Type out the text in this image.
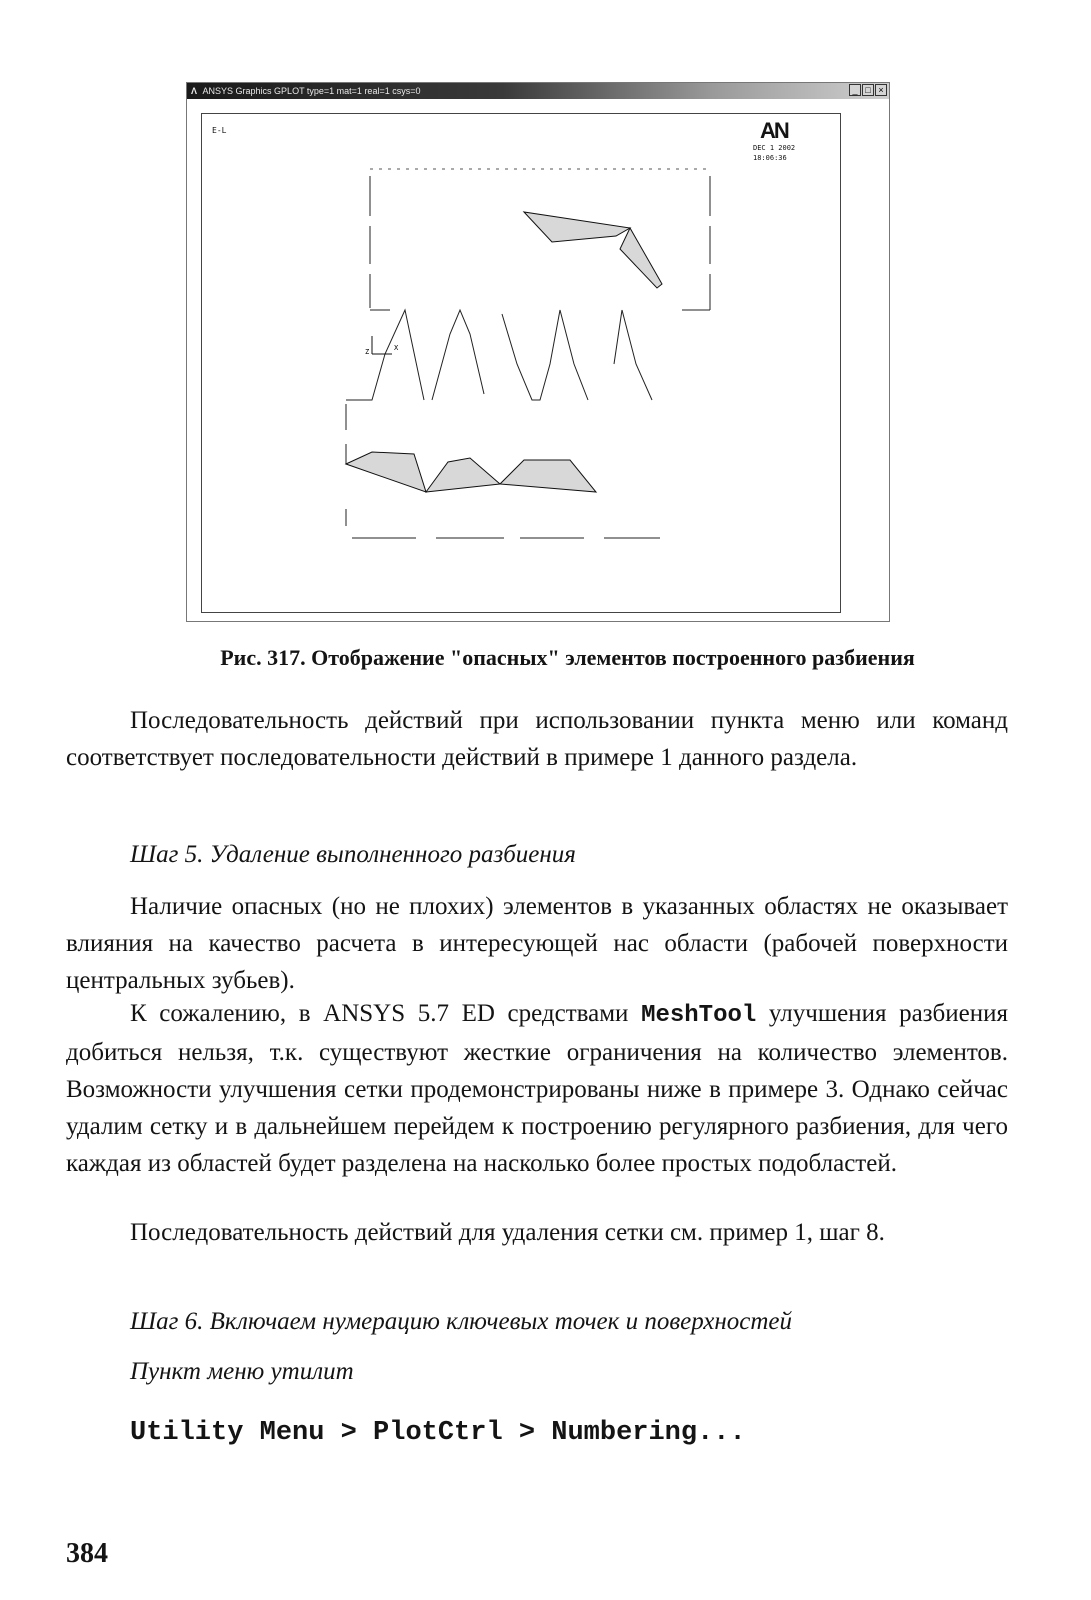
Λ ANSYS Graphics GPLOT type=1 mat=1 real=1 csys=0	_ □ ×
E-L	AN
DEC 1 2002
18:06:36
Z	X
Рис. 317. Отображение "опасных" элементов построенного разбиения

Последовательность действий при использовании пункта меню или команд соответствует последовательности действий в примере 1 данного раздела.

Шаг 5. Удаление выполненного разбиения

Наличие опасных (но не плохих) элементов в указанных областях не оказывает влияния на качество расчета в интересующей нас области (рабочей поверхности центральных зубьев).

К сожалению, в ANSYS 5.7 ED средствами MeshTool улучшения разбиения добиться нельзя, т.к. существуют жесткие ограничения на количество элементов. Возможности улучшения сетки продемонстрированы ниже в примере 3. Однако сейчас удалим сетку и в дальнейшем перейдем к построению регулярного разбиения, для чего каждая из областей будет разделена на насколько более простых подобластей.

Последовательность действий для удаления сетки см. пример 1, шаг 8.

Шаг 6. Включаем нумерацию ключевых точек и поверхностей

Пункт меню утилит

Utility Menu > PlotCtrl > Numbering...
384
